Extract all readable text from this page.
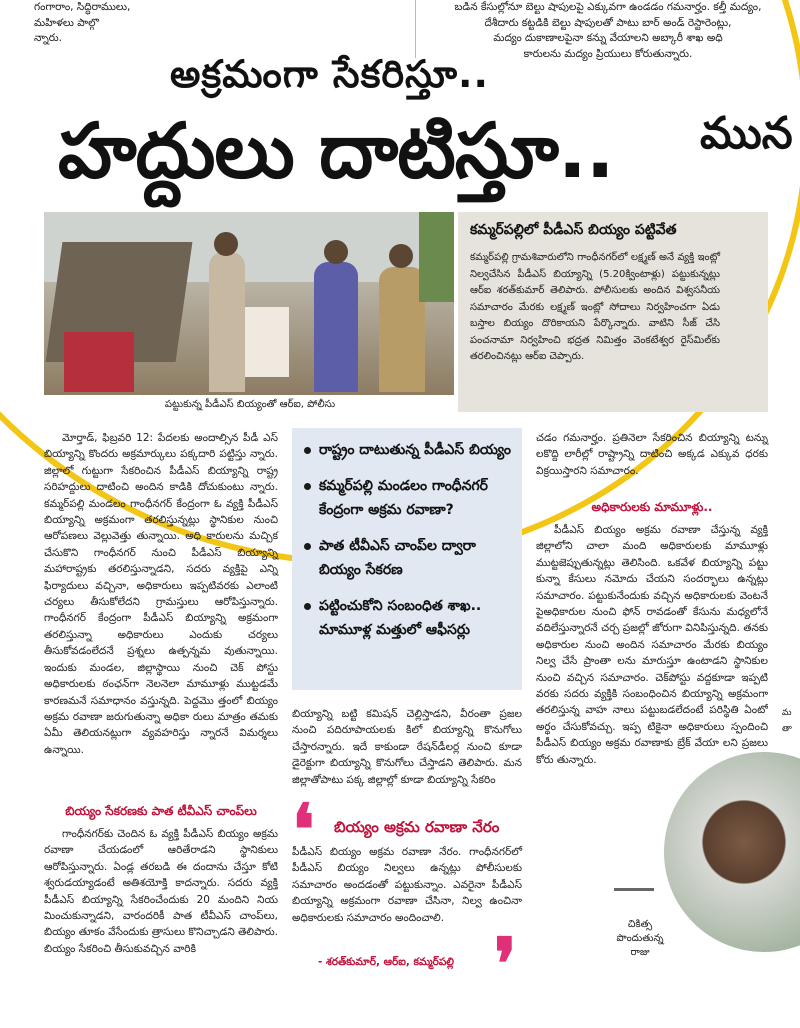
గంగారాం, సిద్ధిరాములు,
మహిళలు పాల్గొ
న్నారు.
బడిన కేసుల్లోనూ బెల్టు షాపులపై ఎక్కువగా ఉండడం గమనార్హం. కల్తీ మద్యం,
దేశీదారు కట్టడికి బెల్టు షాపులతో పాటు బార్ అండ్ రెస్టారెంట్లు,
మద్యం దుకాణాలపైనా కన్ను వేయాలని అబ్కారీ శాఖ అధి
కారులను మద్యం ప్రియులు కోరుతున్నారు.
అక్రమంగా సేకరిస్తూ..
హద్దులు దాటిస్తూ.. మున
పట్టుకున్న పీడీఎస్ బియ్యంతో ఆర్‌ఐ, పోలీసు
కమ్మర్‌పల్లిలో పీడీఎస్ బియ్యం పట్టివేత
కమ్మర్‌పల్లి గ్రామశివారులోని గాంధీనగర్‌లో లక్ష్మణ్ అనే వ్యక్తి ఇంట్లో నిల్వచేసిన పీడీఎస్ బియ్యాన్ని (5.20క్వింటాళ్లు) పట్టుకున్నట్లు ఆర్‌ఐ శరత్‌కుమార్ తెలిపారు. పోలీసులకు అందిన విశ్వసనీయ సమాచారం మేరకు లక్ష్మణ్ ఇంట్లో సోదాలు నిర్వహించగా ఏడు బస్తాల బియ్యం దొరికాయని పేర్కొన్నారు. వాటిని సీజ్ చేసి పంచనామా నిర్వహించి భద్రత నిమిత్తం వెంకటేశ్వర రైస్‌మిల్‌కు తరలించినట్లు ఆర్‌ఐ చెప్పారు.
మోర్తాడ్, ఫిబ్రవరి 12: పేదలకు అందాల్సిన పీడీ ఎస్ బియ్యాన్ని కొందరు అక్రమార్కులు పక్కదారి పట్టిస్తు న్నారు. జిల్లాలో గుట్టుగా సేకరించిన పీడీఎస్ బియ్యాన్ని రాష్ట్ర సరిహద్దులు దాటించి అందిన కాడికి దోచుకుంటు న్నారు. కమ్మర్‌పల్లి మండలం గాంధీనగర్ కేంద్రంగా ఓ వ్యక్తి పీడీఎస్ బియ్యాన్ని అక్రమంగా తరలిస్తున్నట్లు స్థానికుల నుంచి ఆరోపణలు వెల్లువెత్తు తున్నాయి. అధి కారులను మచ్చిక చేసుకొని గాంధీనగర్ నుంచి పీడీఎస్ బియ్యాన్ని మహారాష్ట్రకు తరలిస్తున్నాడని, సదరు వ్యక్తిపై ఎన్ని ఫిర్యాదులు వచ్చినా, అధికారులు ఇప్పటివరకు ఎలాంటి చర్యలు తీసుకోలేదని గ్రామస్తులు ఆరోపిస్తున్నారు. గాంధీనగర్ కేంద్రంగా పీడీఎస్ బియ్యాన్ని అక్రమంగా తరలిస్తున్నా అధికారులు ఎందుకు చర్యలు తీసుకోవడంలేదనే ప్రశ్నలు ఉత్పన్నమ వుతున్నాయి. ఇందుకు మండల, జిల్లాస్థాయి నుంచి చెక్ పోస్టు అధికారులకు ఠంఛన్‌గా నెలనెలా మామూళ్లు ముట్టడమే కారణమనే సమాధానం వస్తున్నది. పెద్దమొ త్తంలో బియ్యం అక్రమ రవాణా జరుగుతున్నా అధికా రులు మాత్రం తమకు ఏమీ తెలియనట్లుగా వ్యవహరిస్తు న్నారనే విమర్శలు ఉన్నాయి.
బియ్యం సేకరణకు పాత టీవీఎస్ చాంప్‌లు
గాంధీనగర్‌కు చెందిన ఓ వ్యక్తి పీడీఎస్ బియ్యం అక్రమ రవాణా చేయడంలో ఆరితేరాడని స్థానికులు ఆరోపిస్తున్నారు. ఏండ్ల తరబడి ఈ దందాను చేస్తూ కోటి శ్వరుడయ్యాడంటే అతిశయోక్తి కాదన్నారు. సదరు వ్యక్తి పీడీఎస్ బియ్యాన్ని సేకరించేందుకు 20 మందిని నియ మించుకున్నాడని, వారందరికీ పాత టీవీఎస్ చాంప్‌లు, బియ్యం తూకం వేసేందుకు త్రాసులు కొనిచ్చాడని తెలిపారు. బియ్యం సేకరించి తీసుకువచ్చిన వారికి
రాష్ట్రం దాటుతున్న పీడీఎస్ బియ్యం
కమ్మర్‌పల్లి మండలం గాంధీనగర్ కేంద్రంగా అక్రమ రవాణా?
పాత టీవీఎస్ చాంప్‌ల ద్వారా బియ్యం సేకరణ
పట్టించుకోని సంబంధిత శాఖ.. మామూళ్ల మత్తులో ఆఫీసర్లు
బియ్యాన్ని బట్టి కమిషన్ చెల్లిస్తాడని, వీరంతా ప్రజల నుంచి పదిరూపాయలకు కిలో బియ్యాన్ని కొనుగోలు చేస్తారన్నారు. ఇదే కాకుండా రేషన్‌డీలర్ల నుంచి కూడా డైరెక్టుగా బియ్యాన్ని కొనుగోలు చేస్తాడని తెలిపారు. మన జిల్లాతోపాటు పక్క జిల్లాల్లో కూడా బియ్యాన్ని సేకరిం
❛ బియ్యం అక్రమ రవాణా నేరం
పీడీఎస్ బియ్యం అక్రమ రవాణా నేరం. గాంధీనగర్‌లో పీడీఎస్ బియ్యం నిల్వలు ఉన్నట్లు పోలీసులకు సమాచారం అందడంతో పట్టుకున్నాం. ఎవరైనా పీడీఎస్ బియ్యాన్ని అక్రమంగా రవాణా చేసినా, నిల్వ ఉంచినా అధికారులకు సమాచారం అందించాలి.
- శరత్‌కుమార్, ఆర్‌ఐ, కమ్మర్‌పల్లి ❜
చడం గమనార్హం. ప్రతినెలా సేకరించిన బియ్యాన్ని టన్ను లకొద్ది లారీల్లో రాష్ట్రాన్ని దాటించి అక్కడ ఎక్కువ ధరకు విక్రయిస్తారని సమాచారం.
అధికారులకు మామూళ్లు..
పీడీఎస్ బియ్యం అక్రమ రవాణా చేస్తున్న వ్యక్తి జిల్లాలోని చాలా మంది అధికారులకు మామూళ్లు ముట్టజెప్పుతున్నట్లు తెలిసింది. ఒకవేళ బియ్యాన్ని పట్టు కున్నా కేసులు నమోదు చేయని సందర్భాలు ఉన్నట్లు సమాచారం. పట్టుకునేందుకు వచ్చిన అధికారులకు వెంటనే పైఅధికారుల నుంచి ఫోన్ రావడంతో కేసును మధ్యలోనే వదిలేస్తున్నారనే చర్చ ప్రజల్లో జోరుగా వినిపిస్తున్నది. తనకు అధికారుల నుంచి అందిన సమాచారం మేరకు బియ్యం నిల్వ చేసే ప్రాంతా లను మారుస్తూ ఉంటాడని స్థానికుల నుంచి వచ్చిన సమాచారం. చెక్‌పోస్టు వద్దకూడా ఇప్పటి వరకు సదరు వ్యక్తికి సంబంధించిన బియ్యాన్ని అక్రమంగా తరలిస్తున్న వాహ నాలు పట్టుబడలేదంటే పరిస్థితి ఏంటో అర్థం చేసుకోవచ్చు. ఇప్ప టికైనా అధికారులు స్పందించి పీడీఎస్ బియ్యం అక్రమ రవాణాకు బ్రేక్ వేయా లని ప్రజలు కోరు తున్నారు.
చికిత్స
పొందుతున్న
రాజు
మ
తా
